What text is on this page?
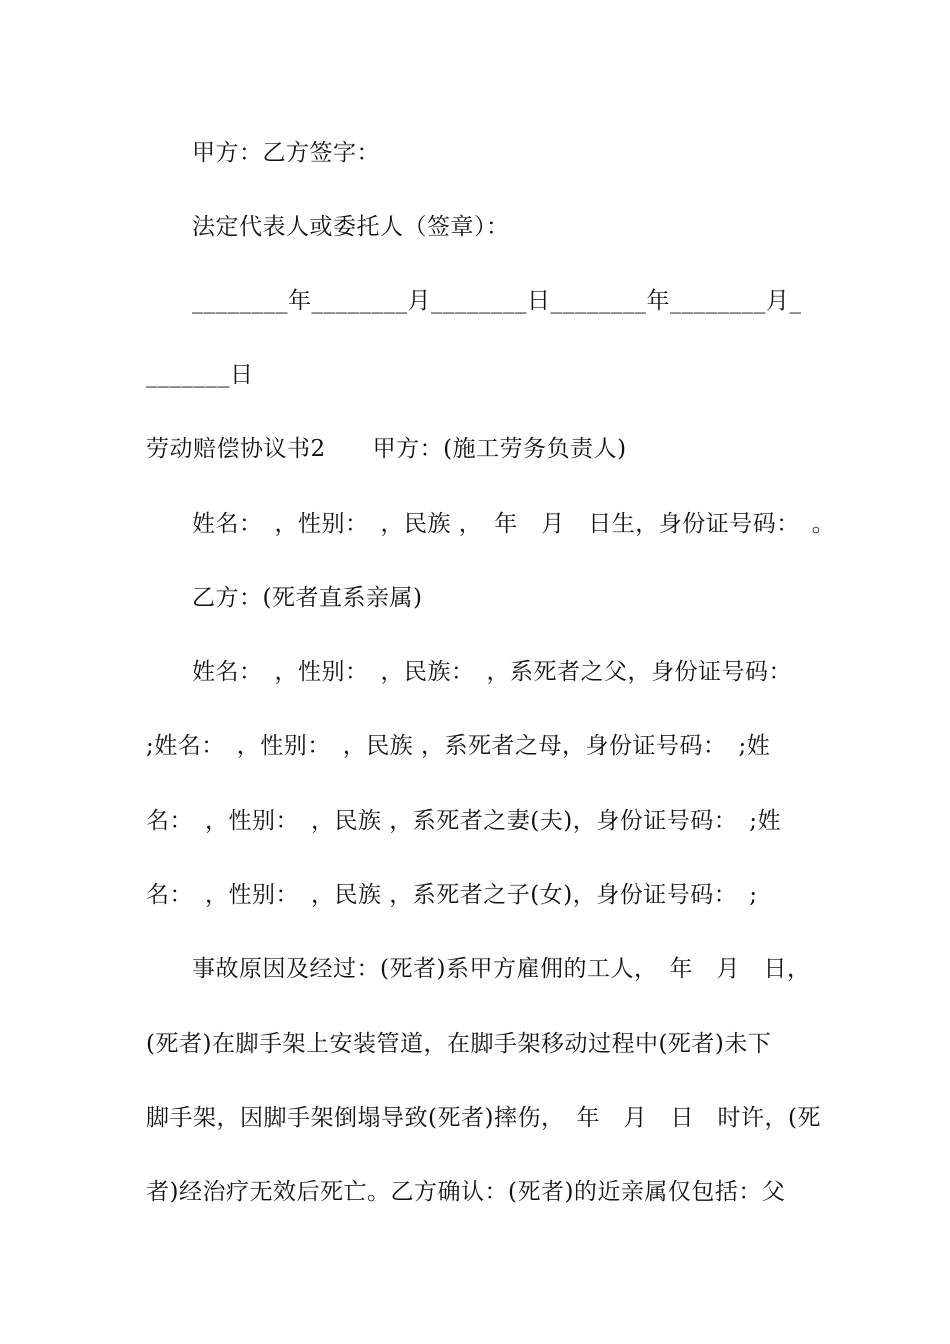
甲方：乙方签字：
法定代表人或委托人（签章）：
________年________月________日________年________月_
_______日
劳动赔偿协议书2　　甲方：(施工劳务负责人)
姓名：　，性别：　，民族 ，　年　月　日生，身份证号码：　。
乙方：(死者直系亲属)
姓名：　，性别：　，民族：　，系死者之父，身份证号码：
;姓名：　，性别：　，民族 ，系死者之母，身份证号码：　;姓
名：　，性别：　，民族 ，系死者之妻(夫)，身份证号码：　;姓
名：　，性别：　，民族 ，系死者之子(女)，身份证号码：　;
事故原因及经过：(死者)系甲方雇佣的工人，　年　月　日，
(死者)在脚手架上安装管道，在脚手架移动过程中(死者)未下
脚手架，因脚手架倒塌导致(死者)摔伤，　年　月　日　时许，(死
者)经治疗无效后死亡。乙方确认：(死者)的近亲属仅包括：父
